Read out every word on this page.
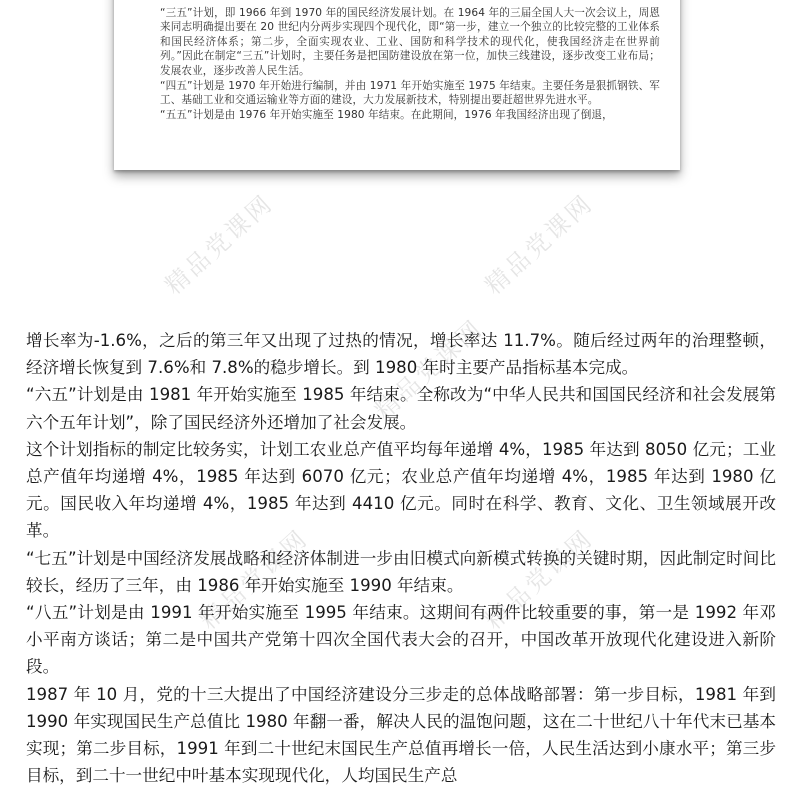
“三五”计划，即 1966 年到 1970 年的国民经济发展计划。在 1964 年的三届全国人大一次会议上，周恩来同志明确提出要在 20 世纪内分两步实现四个现代化，即“第一步，建立一个独立的比较完整的工业体系和国民经济体系；第二步，全面实现农业、工业、国防和科学技术的现代化，使我国经济走在世界前列。”因此在制定“三五”计划时，主要任务是把国防建设放在第一位，加快三线建设，逐步改变工业布局；发展农业，逐步改善人民生活。

“四五”计划是 1970 年开始进行编制，并由 1971 年开始实施至 1975 年结束。主要任务是狠抓钢铁、军工、基础工业和交通运输业等方面的建设，大力发展新技术，特别提出要赶超世界先进水平。

“五五”计划是由 1976 年开始实施至 1980 年结束。在此期间，1976 年我国经济出现了倒退，

精品党课网	精品党课网
精品党课网
精品党课网	精品党课网

增长率为-1.6%，之后的第三年又出现了过热的情况，增长率达 11.7%。随后经过两年的治理整顿，经济增长恢复到 7.6%和 7.8%的稳步增长。到 1980 年时主要产品指标基本完成。

“六五”计划是由 1981 年开始实施至 1985 年结束。全称改为“中华人民共和国国民经济和社会发展第六个五年计划”，除了国民经济外还增加了社会发展。

这个计划指标的制定比较务实，计划工农业总产值平均每年递增 4%，1985 年达到 8050 亿元；工业总产值年均递增 4%，1985 年达到 6070 亿元；农业总产值年均递增 4%，1985 年达到 1980 亿元。国民收入年均递增 4%，1985 年达到 4410 亿元。同时在科学、教育、文化、卫生领域展开改革。

“七五”计划是中国经济发展战略和经济体制进一步由旧模式向新模式转换的关键时期，因此制定时间比较长，经历了三年，由 1986 年开始实施至 1990 年结束。

“八五”计划是由 1991 年开始实施至 1995 年结束。这期间有两件比较重要的事，第一是 1992 年邓小平南方谈话；第二是中国共产党第十四次全国代表大会的召开，中国改革开放现代化建设进入新阶段。

1987 年 10 月，党的十三大提出了中国经济建设分三步走的总体战略部署：第一步目标，1981 年到 1990 年实现国民生产总值比 1980 年翻一番，解决人民的温饱问题，这在二十世纪八十年代末已基本实现；第二步目标，1991 年到二十世纪末国民生产总值再增长一倍，人民生活达到小康水平；第三步目标，到二十一世纪中叶基本实现现代化，人均国民生产总
